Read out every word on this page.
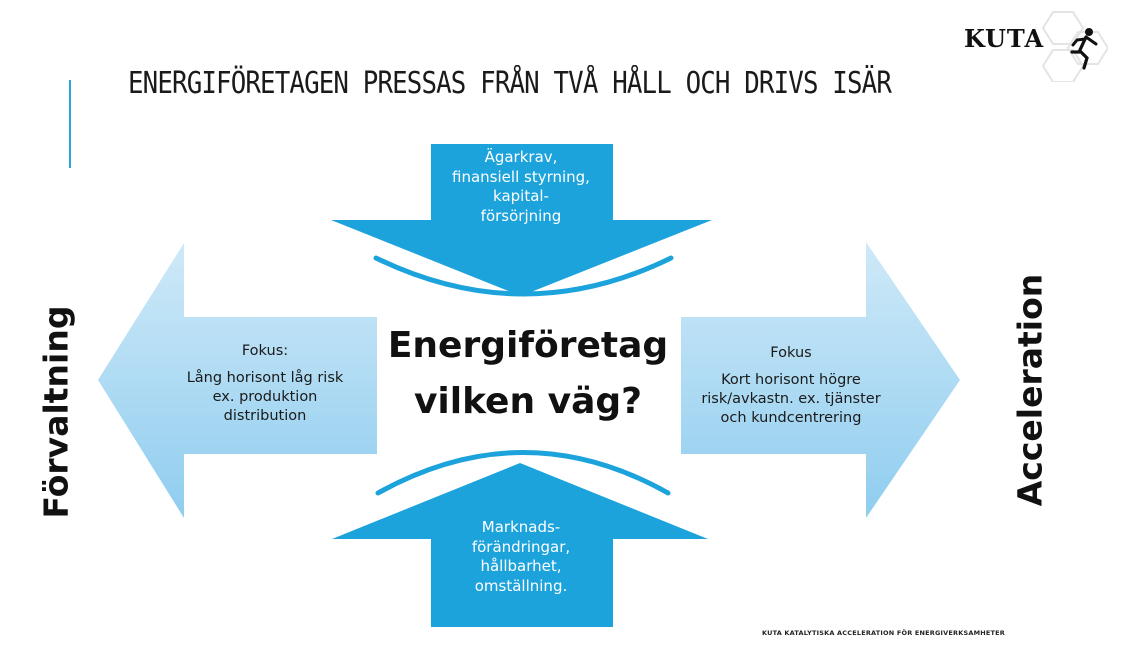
ENERGIFÖRETAGEN PRESSAS FRÅN TVÅ HÅLL OCH DRIVS ISÄR
KUTA
Ägarkrav,
finansiell styrning,
kapital-
försörjning
Marknads-
förändringar,
hållbarhet,
omställning.
Fokus:
Lång horisont låg risk
ex. produktion
distribution
Fokus
Kort horisont högre
risk/avkastn. ex. tjänster
och kundcentrering
Energiföretag
vilken väg?
Förvaltning	Acceleration
KUTA KATALYTISKA ACCELERATION FÖR ENERGIVERKSAMHETER
